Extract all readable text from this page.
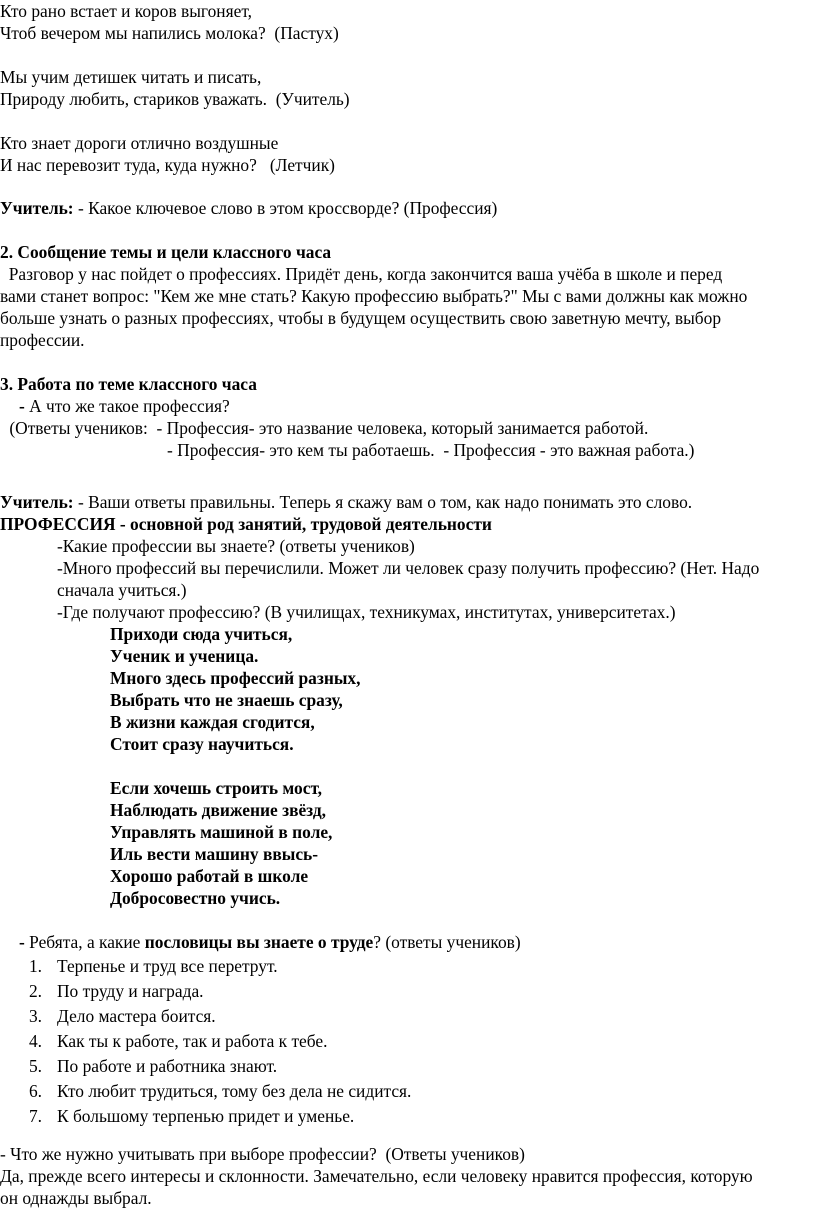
Кто рано встает и коров выгоняет,
Чтоб вечером мы напились молока?  (Пастух)
Мы учим детишек читать и писать,
Природу любить, стариков уважать.  (Учитель)
Кто знает дороги отлично воздушные
И нас перевозит туда, куда нужно?   (Летчик)
Учитель: - Какое ключевое слово в этом кроссворде? (Профессия)
2. Сообщение темы и цели классного часа
Разговор у нас пойдет о профессиях. Придёт день, когда закончится ваша учёба в школе и перед
вами станет вопрос: "Кем же мне стать? Какую профессию выбрать?" Мы с вами должны как можно
больше узнать о разных профессиях, чтобы в будущем осуществить свою заветную мечту, выбор
профессии.
3. Работа по теме классного часа
- А что же такое профессия?
(Ответы учеников:  - Профессия- это название человека, который занимается работой.
- Профессия- это кем ты работаешь.  - Профессия - это важная работа.)
Учитель: - Ваши ответы правильны. Теперь я скажу вам о том, как надо понимать это слово.
ПРОФЕССИЯ - основной род занятий, трудовой деятельности
-Какие профессии вы знаете? (ответы учеников)
-Много профессий вы перечислили. Может ли человек сразу получить профессию? (Нет. Надо
сначала учиться.)
-Где получают профессию? (В училищах, техникумах, институтах, университетах.)
Приходи сюда учиться,
Ученик и ученица.
Много здесь профессий разных,
Выбрать что не знаешь сразу,
В жизни каждая сгодится,
Стоит сразу научиться.
Если хочешь строить мост,
Наблюдать движение звёзд,
Управлять машиной в поле,
Иль вести машину ввысь-
Хорошо работай в школе
Добросовестно учись.
- Ребята, а какие пословицы вы знаете о труде? (ответы учеников)
1. Терпенье и труд все перетрут.
2. По труду и награда.
3. Дело мастера боится.
4. Как ты к работе, так и работа к тебе.
5. По работе и работника знают.
6. Кто любит трудиться, тому без дела не сидится.
7. К большому терпенью придет и уменье.
- Что же нужно учитывать при выборе профессии?  (Ответы учеников)
Да, прежде всего интересы и склонности. Замечательно, если человеку нравится профессия, которую
он однажды выбрал.
